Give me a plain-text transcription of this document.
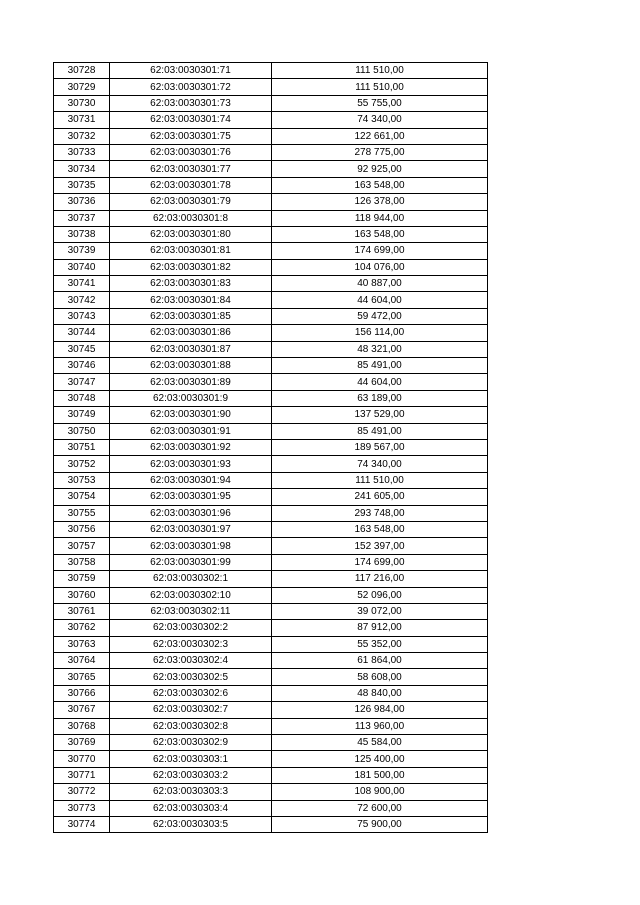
30728	62:03:0030301:71	111 510,00
30729	62:03:0030301:72	111 510,00
30730	62:03:0030301:73	55 755,00
30731	62:03:0030301:74	74 340,00
30732	62:03:0030301:75	122 661,00
30733	62:03:0030301:76	278 775,00
30734	62:03:0030301:77	92 925,00
30735	62:03:0030301:78	163 548,00
30736	62:03:0030301:79	126 378,00
30737	62:03:0030301:8	118 944,00
30738	62:03:0030301:80	163 548,00
30739	62:03:0030301:81	174 699,00
30740	62:03:0030301:82	104 076,00
30741	62:03:0030301:83	40 887,00
30742	62:03:0030301:84	44 604,00
30743	62:03:0030301:85	59 472,00
30744	62:03:0030301:86	156 114,00
30745	62:03:0030301:87	48 321,00
30746	62:03:0030301:88	85 491,00
30747	62:03:0030301:89	44 604,00
30748	62:03:0030301:9	63 189,00
30749	62:03:0030301:90	137 529,00
30750	62:03:0030301:91	85 491,00
30751	62:03:0030301:92	189 567,00
30752	62:03:0030301:93	74 340,00
30753	62:03:0030301:94	111 510,00
30754	62:03:0030301:95	241 605,00
30755	62:03:0030301:96	293 748,00
30756	62:03:0030301:97	163 548,00
30757	62:03:0030301:98	152 397,00
30758	62:03:0030301:99	174 699,00
30759	62:03:0030302:1	117 216,00
30760	62:03:0030302:10	52 096,00
30761	62:03:0030302:11	39 072,00
30762	62:03:0030302:2	87 912,00
30763	62:03:0030302:3	55 352,00
30764	62:03:0030302:4	61 864,00
30765	62:03:0030302:5	58 608,00
30766	62:03:0030302:6	48 840,00
30767	62:03:0030302:7	126 984,00
30768	62:03:0030302:8	113 960,00
30769	62:03:0030302:9	45 584,00
30770	62:03:0030303:1	125 400,00
30771	62:03:0030303:2	181 500,00
30772	62:03:0030303:3	108 900,00
30773	62:03:0030303:4	72 600,00
30774	62:03:0030303:5	75 900,00
